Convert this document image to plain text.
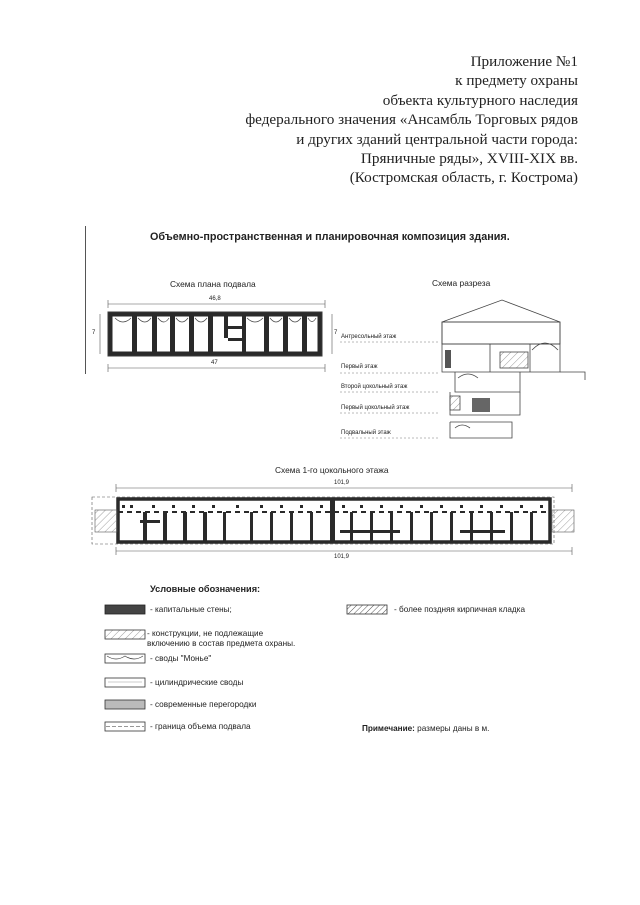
Приложение №1
к предмету охраны
объекта культурного наследия
федерального значения «Ансамбль Торговых рядов
и других зданий центральной части города:
Пряничные ряды», XVIII-XIX вв.
(Костромская область, г. Кострома)
Объемно-пространственная и планировочная композиция здания.
Схема плана подвала	Схема разреза
46,8
47
7	7
Антресольный этаж
Первый этаж
Второй цокольный этаж
Первый цокольный этаж
Подвальный этаж
Схема 1-го цокольного этажа
101,9
101,9
Условные обозначения:
- капитальные стены;
- конструкции, не подлежащие
включению в состав предмета охраны.
- своды "Монье"
- цилиндрические своды
- современные перегородки
- граница объема подвала
- более поздняя кирпичная кладка
Примечание: размеры даны в м.
